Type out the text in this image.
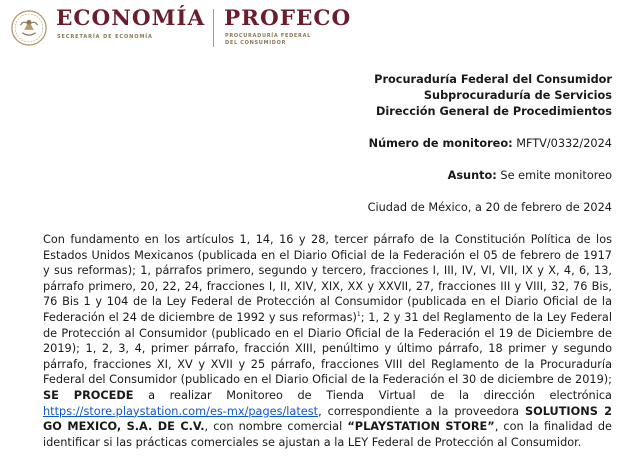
ECONOMÍA
SECRETARÍA DE ECONOMÍA
PROFECO
PROCURADURÍA FEDERAL
DEL CONSUMIDOR
Procuraduría Federal del Consumidor
Subprocuraduría de Servicios
Dirección General de Procedimientos
Número de monitoreo: MFTV/0332/2024
Asunto: Se emite monitoreo
Ciudad de México, a 20 de febrero de 2024
Con fundamento en los artículos 1, 14, 16 y 28, tercer párrafo de la Constitución Política de los Estados Unidos Mexicanos (publicada en el Diario Oficial de la Federación el 05 de febrero de 1917 y sus reformas); 1, párrafos primero, segundo y tercero, fracciones I, III, IV, VI, VII, IX y X, 4, 6, 13, párrafo primero, 20, 22, 24, fracciones I, II, XIV, XIX, XX y XXVII, 27, fracciones III y VIII, 32, 76 Bis, 76 Bis 1 y 104 de la Ley Federal de Protección al Consumidor (publicada en el Diario Oficial de la Federación el 24 de diciembre de 1992 y sus reformas)$^1$; 1, 2 y 31 del Reglamento de la Ley Federal de Protección al Consumidor (publicado en el Diario Oficial de la Federación el 19 de Diciembre de 2019); 1, 2, 3, 4, primer párrafo, fracción XIII, penúltimo y último párrafo, 18 primer y segundo párrafo, fracciones XI, XV y XVII y 25 párrafo, fracciones VIII del Reglamento de la Procuraduría Federal del Consumidor (publicado en el Diario Oficial de la Federación el 30 de diciembre de 2019); SE PROCEDE a realizar Monitoreo de Tienda Virtual de la dirección electrónica https://store.playstation.com/es-mx/pages/latest, correspondiente a la proveedora SOLUTIONS 2 GO MEXICO, S.A. DE C.V., con nombre comercial “PLAYSTATION STORE”, con la finalidad de identificar si las prácticas comerciales se ajustan a la LEY Federal de Protección al Consumidor.
